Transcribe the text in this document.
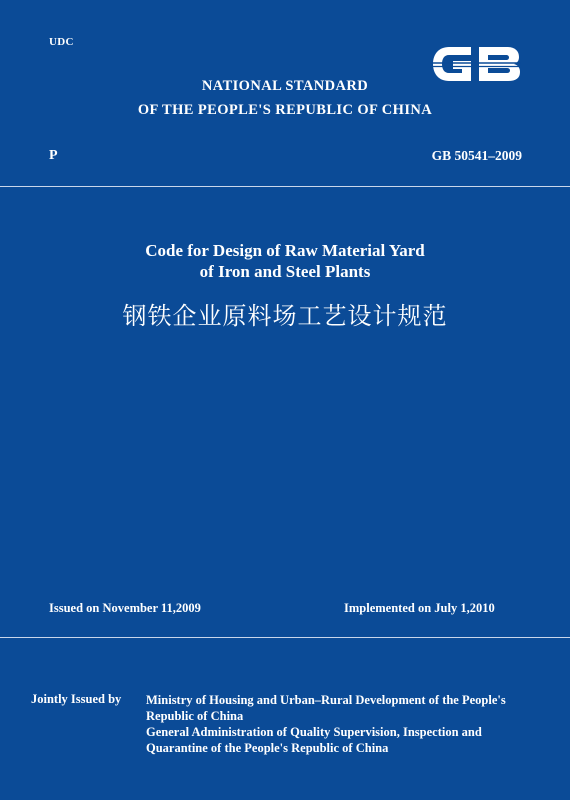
UDC
NATIONAL STANDARD
OF THE PEOPLE'S REPUBLIC OF CHINA
P	GB 50541–2009
Code for Design of Raw Material Yard
of Iron and Steel Plants
钢铁企业原料场工艺设计规范
Issued on November 11,2009	Implemented on July 1,2010
Jointly Issued by Ministry of Housing and Urban–Rural Development of the People's
Republic of China
General Administration of Quality Supervision, Inspection and
Quarantine of the People's Republic of China
